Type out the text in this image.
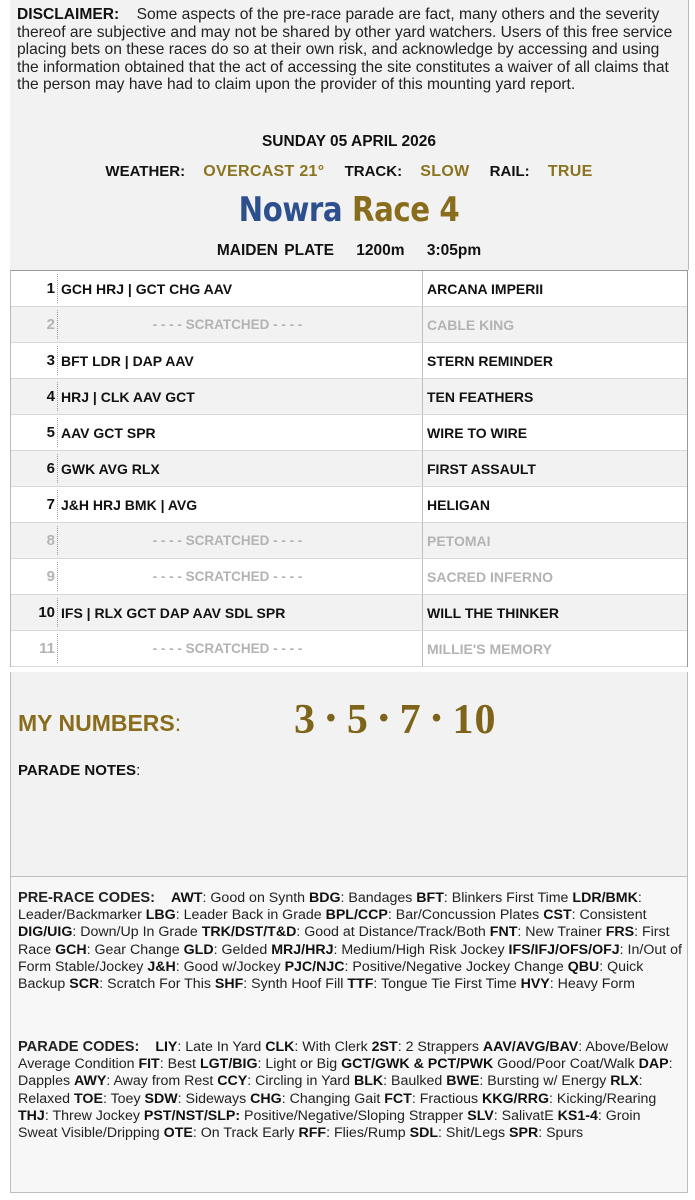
DISCLAIMER: Some aspects of the pre-race parade are fact, many others and the severity thereof are subjective and may not be shared by other yard watchers. Users of this free service placing bets on these races do so at their own risk, and acknowledge by accessing and using the information obtained that the act of accessing the site constitutes a waiver of all claims that the person may have had to claim upon the provider of this mounting yard report.
SUNDAY 05 APRIL 2026
WEATHER: OVERCAST 21° TRACK: SLOW RAIL: TRUE
Nowra Race 4
MAIDEN PLATE 1200m 3:05pm
1 GCH HRJ | GCT CHG AAV	ARCANA IMPERII
2	- - - - SCRATCHED - - - -	CABLE KING
3 BFT LDR | DAP AAV	STERN REMINDER
4 HRJ | CLK AAV GCT	TEN FEATHERS
5 AAV GCT SPR	WIRE TO WIRE
6 GWK AVG RLX	FIRST ASSAULT
7 J&H HRJ BMK | AVG	HELIGAN
8	- - - - SCRATCHED - - - -	PETOMAI
9	- - - - SCRATCHED - - - -	SACRED INFERNO
10 IFS | RLX GCT DAP AAV SDL SPR	WILL THE THINKER
11	- - - - SCRATCHED - - - -	MILLIE'S MEMORY
MY NUMBERS:	3 • 5 • 7 • 10
PARADE NOTES:
PRE-RACE CODES: AWT: Good on Synth BDG: Bandages BFT: Blinkers First Time LDR/BMK: Leader/Backmarker LBG: Leader Back in Grade BPL/CCP: Bar/Concussion Plates CST: Consistent DIG/UIG: Down/Up In Grade TRK/DST/T&D: Good at Distance/Track/Both FNT: New Trainer FRS: First Race GCH: Gear Change GLD: Gelded MRJ/HRJ: Medium/High Risk Jockey IFS/IFJ/OFS/OFJ: In/Out of Form Stable/Jockey J&H: Good w/Jockey PJC/NJC: Positive/Negative Jockey Change QBU: Quick Backup SCR: Scratch For This SHF: Synth Hoof Fill TTF: Tongue Tie First Time HVY: Heavy Form
PARADE CODES: LIY: Late In Yard CLK: With Clerk 2ST: 2 Strappers AAV/AVG/BAV: Above/Below Average Condition FIT: Best LGT/BIG: Light or Big GCT/GWK & PCT/PWK Good/Poor Coat/Walk DAP: Dapples AWY: Away from Rest CCY: Circling in Yard BLK: Baulked BWE: Bursting w/ Energy RLX: Relaxed TOE: Toey SDW: Sideways CHG: Changing Gait FCT: Fractious KKG/RRG: Kicking/Rearing THJ: Threw Jockey PST/NST/SLP: Positive/Negative/Sloping Strapper SLV: SalivatE KS1-4: Groin Sweat Visible/Dripping OTE: On Track Early RFF: Flies/Rump SDL: Shit/Legs SPR: Spurs
